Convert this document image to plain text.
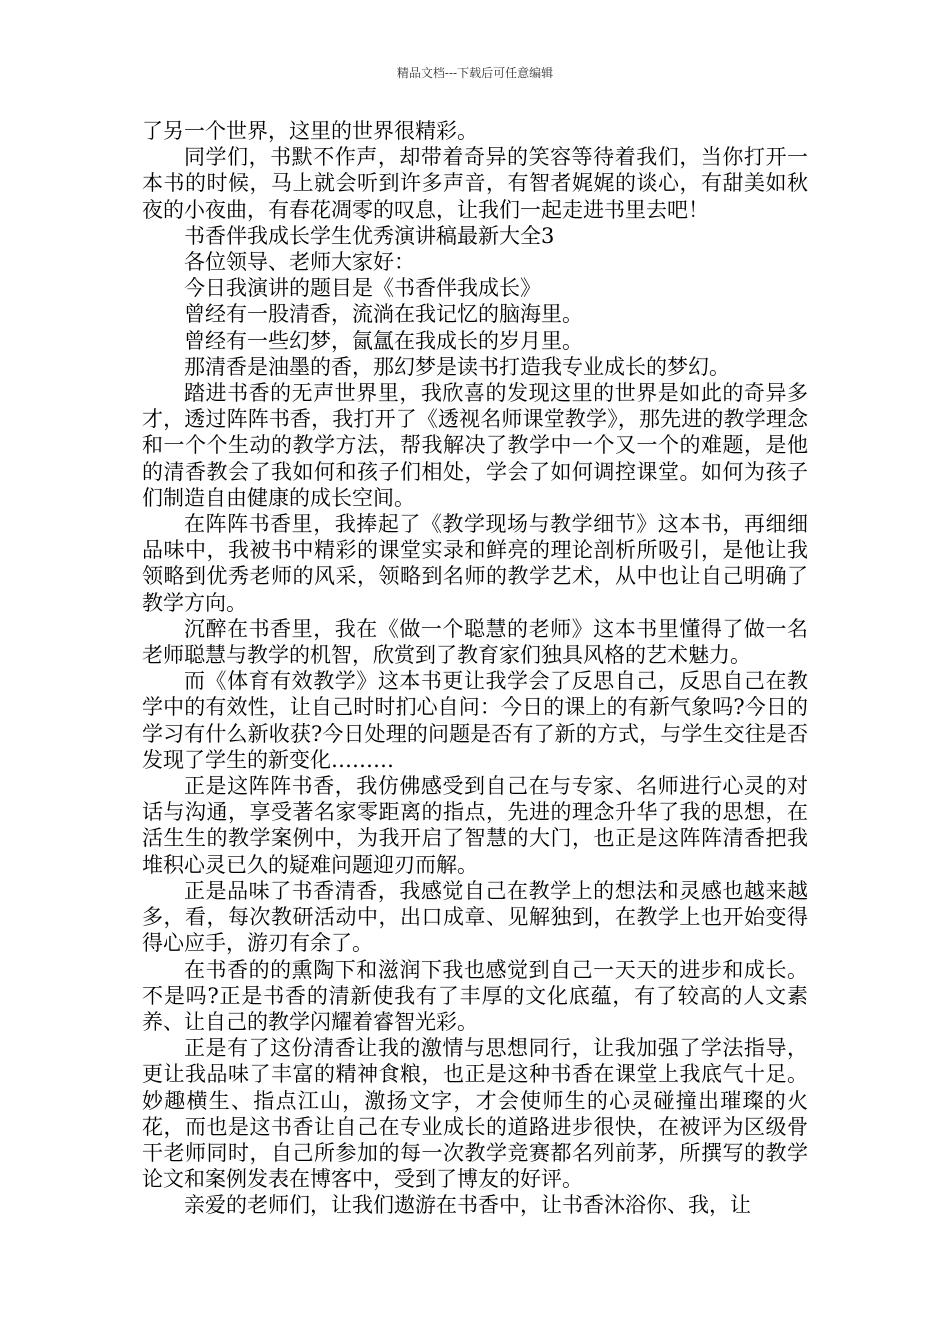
精品文档---下载后可任意编辑

了另一个世界，这里的世界很精彩。

同学们，书默不作声，却带着奇异的笑容等待着我们，当你打开一本书的时候，马上就会听到许多声音，有智者娓娓的谈心，有甜美如秋夜的小夜曲，有春花凋零的叹息，让我们一起走进书里去吧！

书香伴我成长学生优秀演讲稿最新大全3

各位领导、老师大家好：

今日我演讲的题目是《书香伴我成长》

曾经有一股清香，流淌在我记忆的脑海里。

曾经有一些幻梦，氤氲在我成长的岁月里。

那清香是油墨的香，那幻梦是读书打造我专业成长的梦幻。

踏进书香的无声世界里，我欣喜的发现这里的世界是如此的奇异多才，透过阵阵书香，我打开了《透视名师课堂教学》，那先进的教学理念和一个个生动的教学方法，帮我解决了教学中一个又一个的难题，是他的清香教会了我如何和孩子们相处，学会了如何调控课堂。如何为孩子们制造自由健康的成长空间。

在阵阵书香里，我捧起了《教学现场与教学细节》这本书，再细细品味中，我被书中精彩的课堂实录和鲜亮的理论剖析所吸引，是他让我领略到优秀老师的风采，领略到名师的教学艺术，从中也让自己明确了教学方向。

沉醉在书香里，我在《做一个聪慧的老师》这本书里懂得了做一名老师聪慧与教学的机智，欣赏到了教育家们独具风格的艺术魅力。

而《体育有效教学》这本书更让我学会了反思自己，反思自己在教学中的有效性，让自己时时扪心自问：今日的课上的有新气象吗?今日的学习有什么新收获?今日处理的问题是否有了新的方式，与学生交往是否发现了学生的新变化………

正是这阵阵书香，我仿佛感受到自己在与专家、名师进行心灵的对话与沟通，享受著名家零距离的指点，先进的理念升华了我的思想，在活生生的教学案例中，为我开启了智慧的大门，也正是这阵阵清香把我堆积心灵已久的疑难问题迎刃而解。

正是品味了书香清香，我感觉自己在教学上的想法和灵感也越来越多，看，每次教研活动中，出口成章、见解独到，在教学上也开始变得得心应手，游刃有余了。

在书香的的熏陶下和滋润下我也感觉到自己一天天的进步和成长。不是吗?正是书香的清新使我有了丰厚的文化底蕴，有了较高的人文素养、让自己的教学闪耀着睿智光彩。

正是有了这份清香让我的激情与思想同行，让我加强了学法指导，更让我品味了丰富的精神食粮，也正是这种书香在课堂上我底气十足。妙趣横生、指点江山，激扬文字，才会使师生的心灵碰撞出璀璨的火花，而也是这书香让自己在专业成长的道路进步很快，在被评为区级骨干老师同时，自己所参加的每一次教学竞赛都名列前茅，所撰写的教学论文和案例发表在博客中，受到了博友的好评。

亲爱的老师们，让我们遨游在书香中，让书香沐浴你、我，让
